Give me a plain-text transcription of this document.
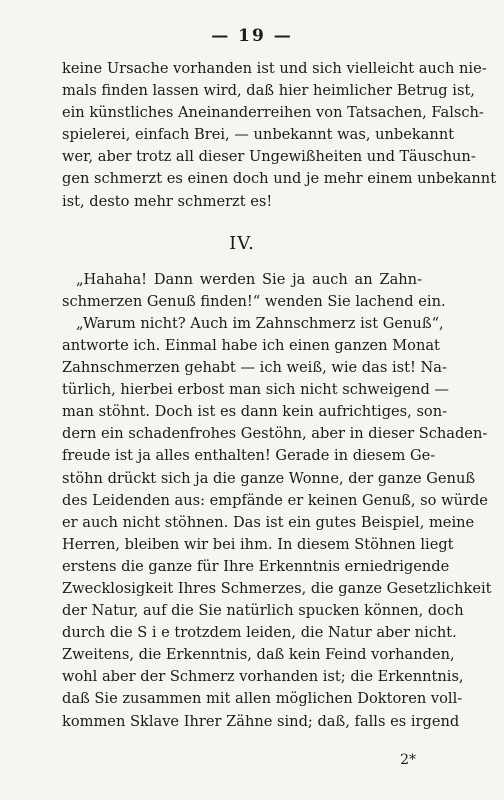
— 19 —
keine Ursache vorhanden ist und sich vielleicht auch nie-
mals finden lassen wird, daß hier heimlicher Betrug ist,
ein künstliches Aneinanderreihen von Tatsachen, Falsch-
spielerei, einfach Brei, — unbekannt was, unbekannt
wer, aber trotz all dieser Ungewißheiten und Täuschun-
gen schmerzt es einen doch und je mehr einem unbekannt
ist, desto mehr schmerzt es!
IV.
„Hahaha! Dann werden Sie ja auch an Zahn-
schmerzen Genuß finden!“ wenden Sie lachend ein.
„Warum nicht? Auch im Zahnschmerz ist Genuß“,
antworte ich. Einmal habe ich einen ganzen Monat
Zahnschmerzen gehabt — ich weiß, wie das ist! Na-
türlich, hierbei erbost man sich nicht schweigend —
man stöhnt. Doch ist es dann kein aufrichtiges, son-
dern ein schadenfrohes Gestöhn, aber in dieser Schaden-
freude ist ja alles enthalten! Gerade in diesem Ge-
stöhn drückt sich ja die ganze Wonne, der ganze Genuß
des Leidenden aus: empfände er keinen Genuß, so würde
er auch nicht stöhnen. Das ist ein gutes Beispiel, meine
Herren, bleiben wir bei ihm. In diesem Stöhnen liegt
erstens die ganze für Ihre Erkenntnis erniedrigende
Zwecklosigkeit Ihres Schmerzes, die ganze Gesetzlichkeit
der Natur, auf die Sie natürlich spucken können, doch
durch die S i e trotzdem leiden, die Natur aber nicht.
Zweitens, die Erkenntnis, daß kein Feind vorhanden,
wohl aber der Schmerz vorhanden ist; die Erkenntnis,
daß Sie zusammen mit allen möglichen Doktoren voll-
kommen Sklave Ihrer Zähne sind; daß, falls es irgend
2*
